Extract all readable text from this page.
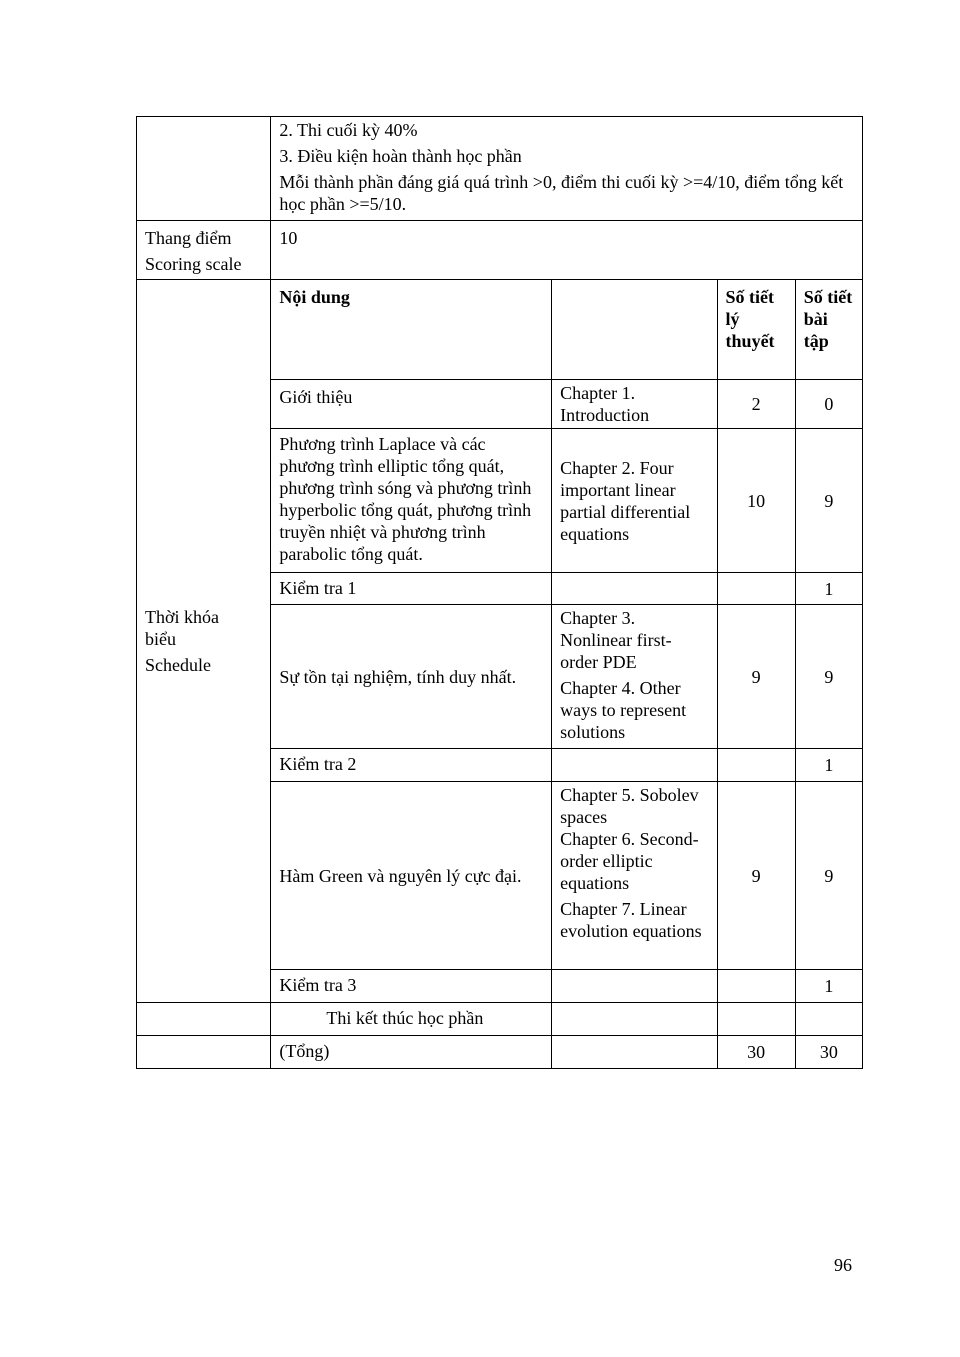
	2. Thi cuối kỳ 40%
3. Điều kiện hoàn thành học phần
Mỗi thành phần đáng giá quá trình >0, điểm thi cuối kỳ >=4/10, điểm tổng kết học phần >=5/10.			

Thang điểm
Scoring scale	10			

Thời khóa biểu
Schedule	Nội dung		Số tiết lý thuyết	Số tiết bài tập
	Giới thiệu	Chapter 1. Introduction	2	0
	Phương trình Laplace và các phương trình elliptic tổng quát, phương trình sóng và phương trình hyperbolic tổng quát, phương trình truyền nhiệt và phương trình parabolic tổng quát.	Chapter 2. Four important linear partial differential equations	10	9
	Kiểm tra 1			1
	Sự tồn tại nghiệm, tính duy nhất.	Chapter 3. Nonlinear first-order PDE
Chapter 4. Other ways to represent solutions	9	9
	Kiểm tra 2			1
	Hàm Green và nguyên lý cực đại.	Chapter 5. Sobolev spaces
Chapter 6. Second-order elliptic equations
Chapter 7. Linear evolution equations	9	9
	Kiểm tra 3			1
	Thi kết thúc học phần			
	(Tổng)		30	30
96
